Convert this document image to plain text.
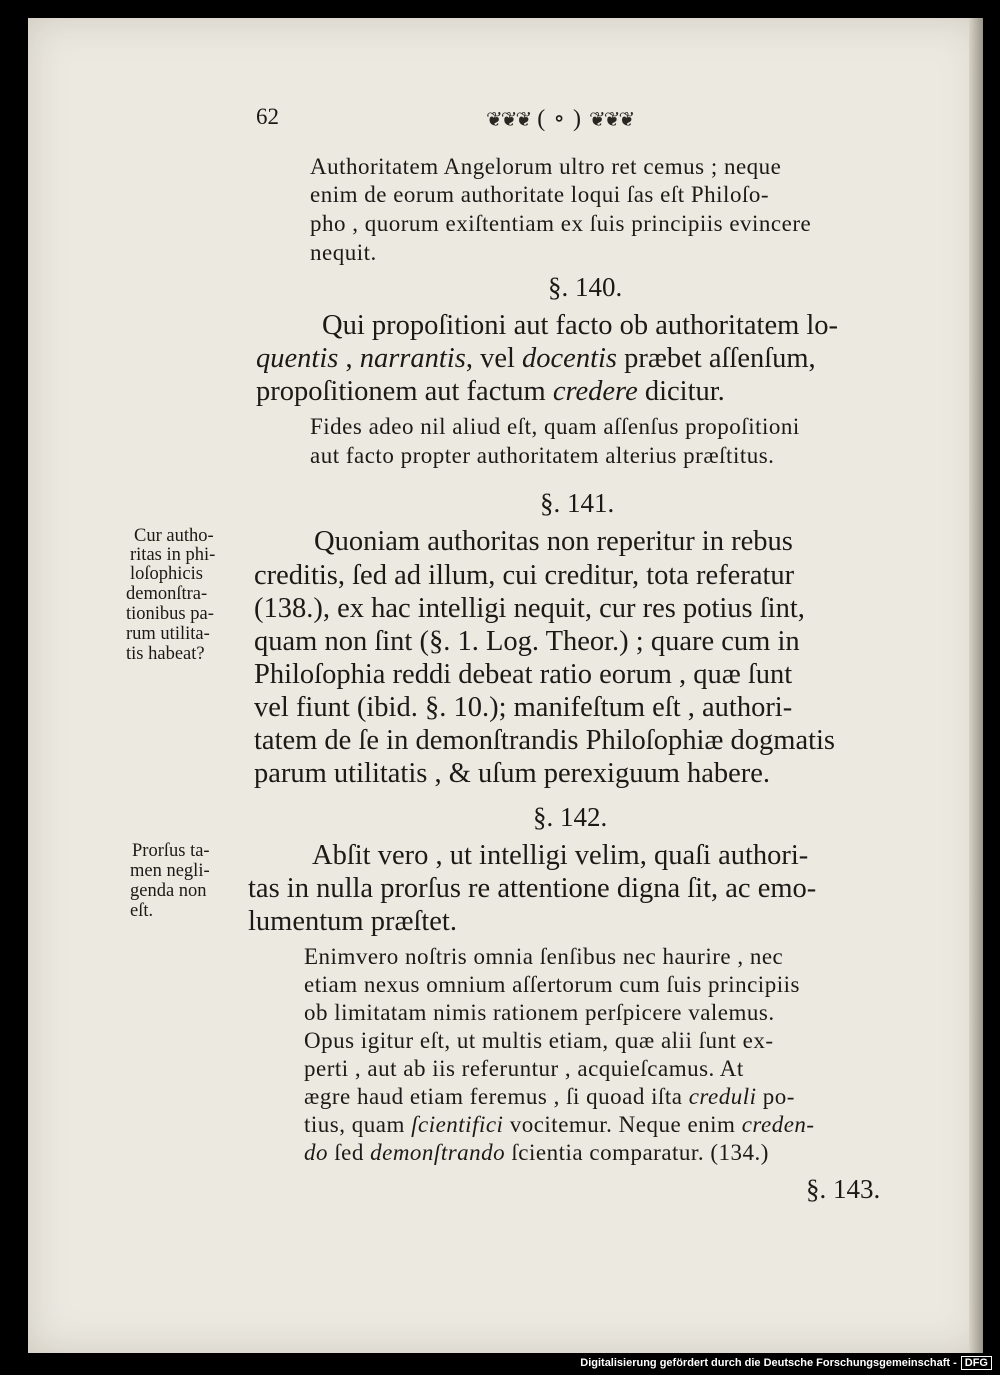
62	❦❦❦ ( ∘ ) ❦❦❦
Authoritatem Angelorum ultro ret cemus ; neque
enim de eorum authoritate loqui ſas eſt Philoſo-
pho , quorum exiſtentiam ex ſuis principiis evincere
nequit.
§. 140.
Qui propoſitioni aut facto ob authoritatem lo-
quentis , narrantis, vel docentis præbet aſſenſum,
propoſitionem aut factum credere dicitur.
Fides adeo nil aliud eſt, quam aſſenſus propoſitioni
aut facto propter authoritatem alterius præſtitus.
§. 141.
Cur autho-
ritas in phi-
loſophicis
demonſtra-
tionibus pa-
rum utilita-
tis habeat?
Quoniam authoritas non reperitur in rebus
creditis, ſed ad illum, cui creditur, tota referatur
(138.), ex hac intelligi nequit, cur res potius ſint,
quam non ſint (§. 1. Log. Theor.) ; quare cum in
Philoſophia reddi debeat ratio eorum , quæ ſunt
vel fiunt (ibid. §. 10.); manifeſtum eſt , authori-
tatem de ſe in demonſtrandis Philoſophiæ dogmatis
parum utilitatis , & uſum perexiguum habere.
§. 142.
Prorſus ta-
men negli-
genda non
eſt.
Abſit vero , ut intelligi velim, quaſi authori-
tas in nulla prorſus re attentione digna ſit, ac emo-
lumentum præſtet.
Enimvero noſtris omnia ſenſibus nec haurire , nec
etiam nexus omnium aſſertorum cum ſuis principiis
ob limitatam nimis rationem perſpicere valemus.
Opus igitur eſt, ut multis etiam, quæ alii ſunt ex-
perti , aut ab iis referuntur , acquieſcamus. At
ægre haud etiam feremus , ſi quoad iſta creduli po-
tius, quam ſcientifici vocitemur. Neque enim creden-
do ſed demonſtrando ſcientia comparatur. (134.)
§. 143.
Digitalisierung gefördert durch die Deutsche Forschungsgemeinschaft - DFG
